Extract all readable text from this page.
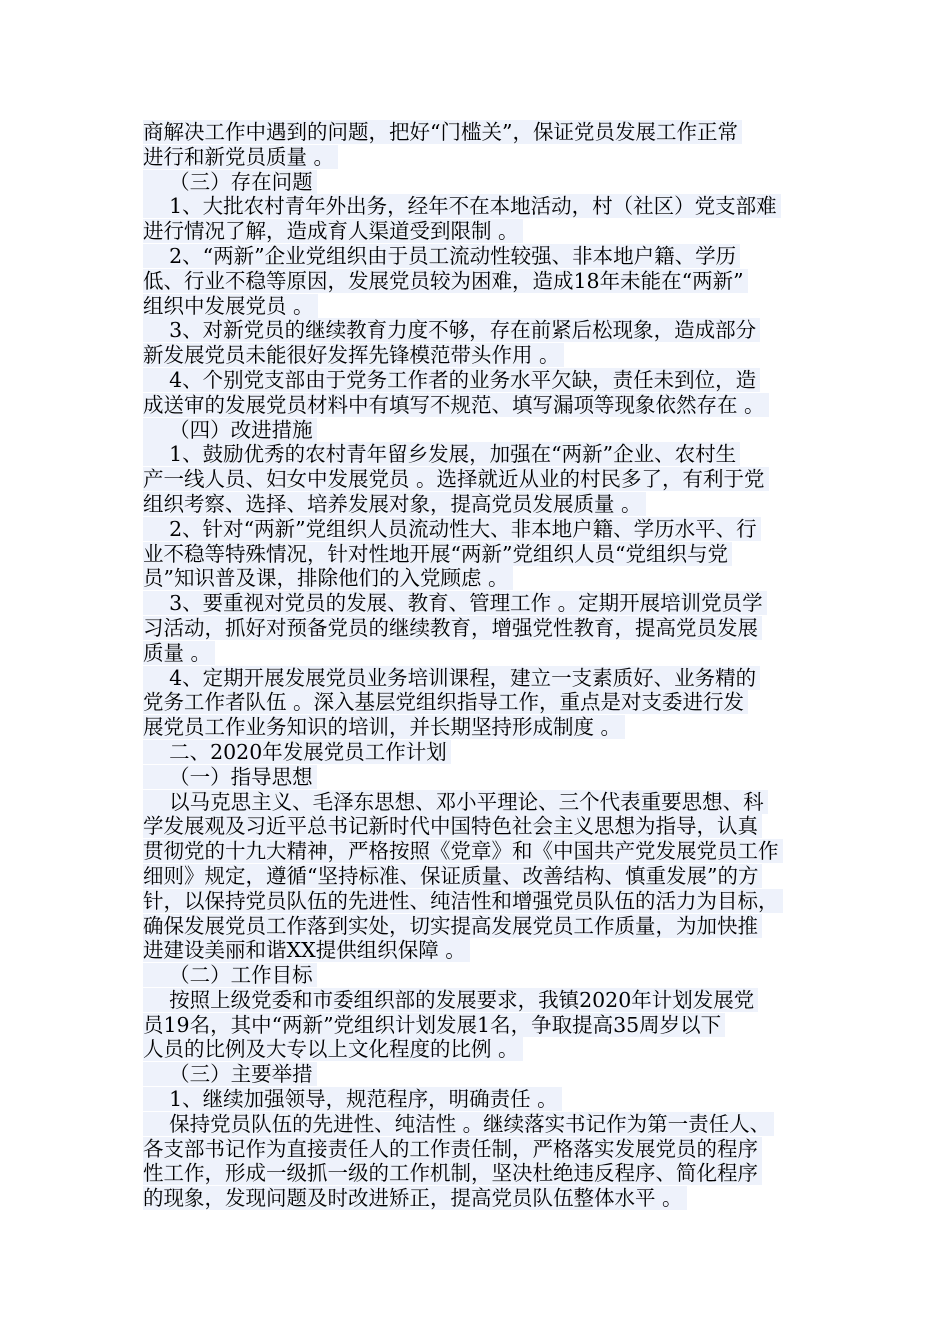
商解决工作中遇到的问题，把好“门槛关”，保证党员发展工作正常
进行和新党员质量 。
（三）存在问题
1、大批农村青年外出务，经年不在本地活动，村（社区）党支部难
进行情况了解，造成育人渠道受到限制 。
2、“两新”企业党组织由于员工流动性较强、非本地户籍、学历
低、行业不稳等原因，发展党员较为困难，造成18年未能在“两新”
组织中发展党员 。
3、对新党员的继续教育力度不够，存在前紧后松现象，造成部分
新发展党员未能很好发挥先锋模范带头作用 。
4、个别党支部由于党务工作者的业务水平欠缺，责任未到位，造
成送审的发展党员材料中有填写不规范、填写漏项等现象依然存在 。
（四）改进措施
1、鼓励优秀的农村青年留乡发展，加强在“两新”企业、农村生
产一线人员、妇女中发展党员 。选择就近从业的村民多了，有利于党
组织考察、选择、培养发展对象，提高党员发展质量 。
2、针对“两新”党组织人员流动性大、非本地户籍、学历水平、行
业不稳等特殊情况，针对性地开展“两新”党组织人员“党组织与党
员”知识普及课，排除他们的入党顾虑 。
3、要重视对党员的发展、教育、管理工作 。定期开展培训党员学
习活动，抓好对预备党员的继续教育，增强党性教育，提高党员发展
质量 。
4、定期开展发展党员业务培训课程，建立一支素质好、业务精的
党务工作者队伍 。深入基层党组织指导工作，重点是对支委进行发
展党员工作业务知识的培训，并长期坚持形成制度 。
二、2020年发展党员工作计划
（一）指导思想
以马克思主义、毛泽东思想、邓小平理论、三个代表重要思想、科
学发展观及习近平总书记新时代中国特色社会主义思想为指导，认真
贯彻党的十九大精神，严格按照《党章》和《中国共产党发展党员工作
细则》规定，遵循“坚持标准、保证质量、改善结构、慎重发展”的方
针，以保持党员队伍的先进性、纯洁性和增强党员队伍的活力为目标，
确保发展党员工作落到实处，切实提高发展党员工作质量，为加快推
进建设美丽和谐XX提供组织保障 。
（二）工作目标
按照上级党委和市委组织部的发展要求，我镇2020年计划发展党
员19名，其中“两新”党组织计划发展1名，争取提高35周岁以下
人员的比例及大专以上文化程度的比例 。
（三）主要举措
1、继续加强领导，规范程序，明确责任 。
保持党员队伍的先进性、纯洁性 。继续落实书记作为第一责任人、
各支部书记作为直接责任人的工作责任制，严格落实发展党员的程序
性工作，形成一级抓一级的工作机制，坚决杜绝违反程序、简化程序
的现象，发现问题及时改进矫正，提高党员队伍整体水平 。
